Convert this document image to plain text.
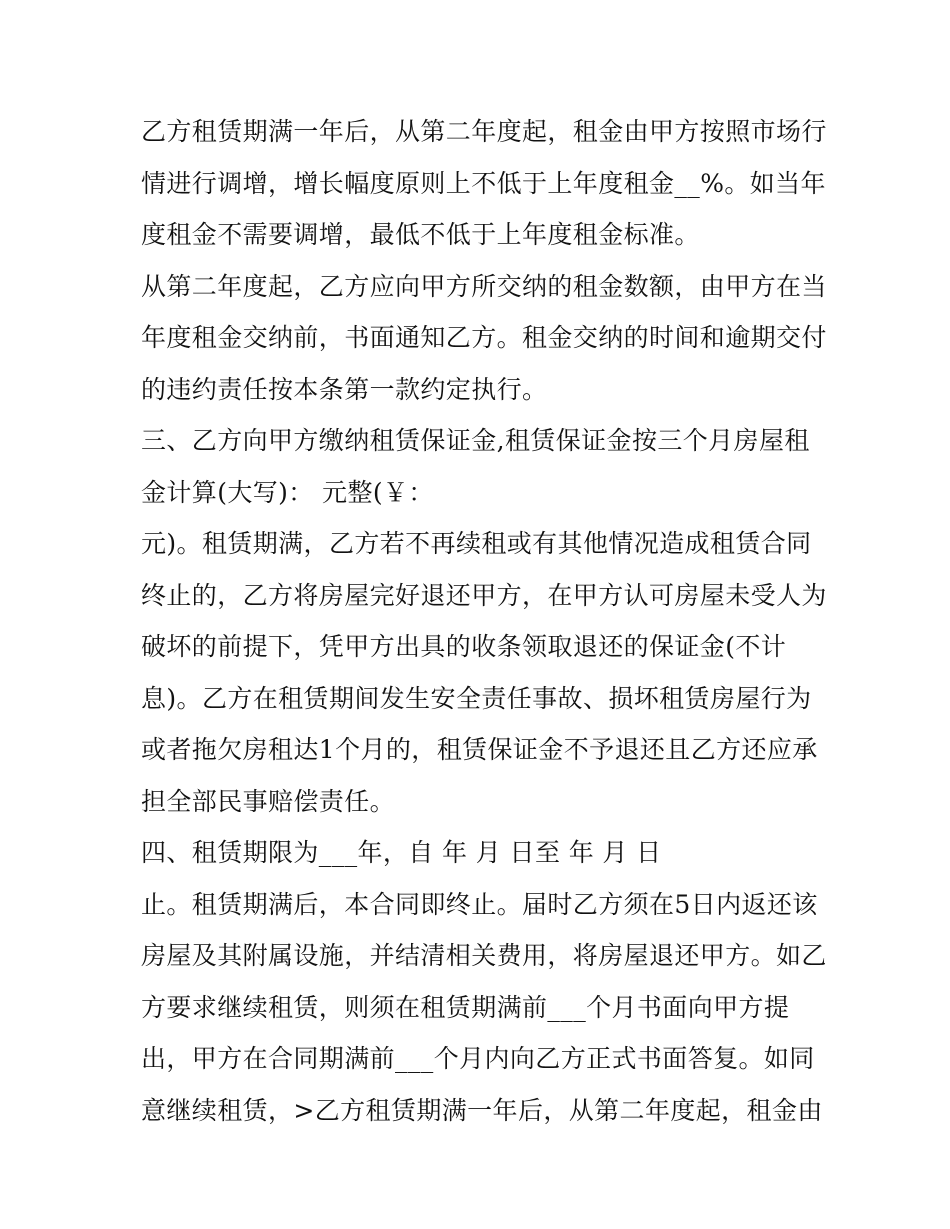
乙方租赁期满一年后，从第二年度起，租金由甲方按照市场行
情进行调增，增长幅度原则上不低于上年度租金__%。如当年
度租金不需要调增，最低不低于上年度租金标准。
从第二年度起，乙方应向甲方所交纳的租金数额，由甲方在当
年度租金交纳前，书面通知乙方。租金交纳的时间和逾期交付
的违约责任按本条第一款约定执行。
三、乙方向甲方缴纳租赁保证金,租赁保证金按三个月房屋租
金计算(大写)： 元整(￥：
元)。租赁期满，乙方若不再续租或有其他情况造成租赁合同
终止的，乙方将房屋完好退还甲方，在甲方认可房屋未受人为
破坏的前提下，凭甲方出具的收条领取退还的保证金(不计
息)。乙方在租赁期间发生安全责任事故、损坏租赁房屋行为
或者拖欠房租达1个月的，租赁保证金不予退还且乙方还应承
担全部民事赔偿责任。
四、租赁期限为___年，自 年 月 日至 年 月 日
止。租赁期满后，本合同即终止。届时乙方须在5日内返还该
房屋及其附属设施，并结清相关费用，将房屋退还甲方。如乙
方要求继续租赁，则须在租赁期满前___个月书面向甲方提
出，甲方在合同期满前___个月内向乙方正式书面答复。如同
意继续租赁，>乙方租赁期满一年后，从第二年度起，租金由
